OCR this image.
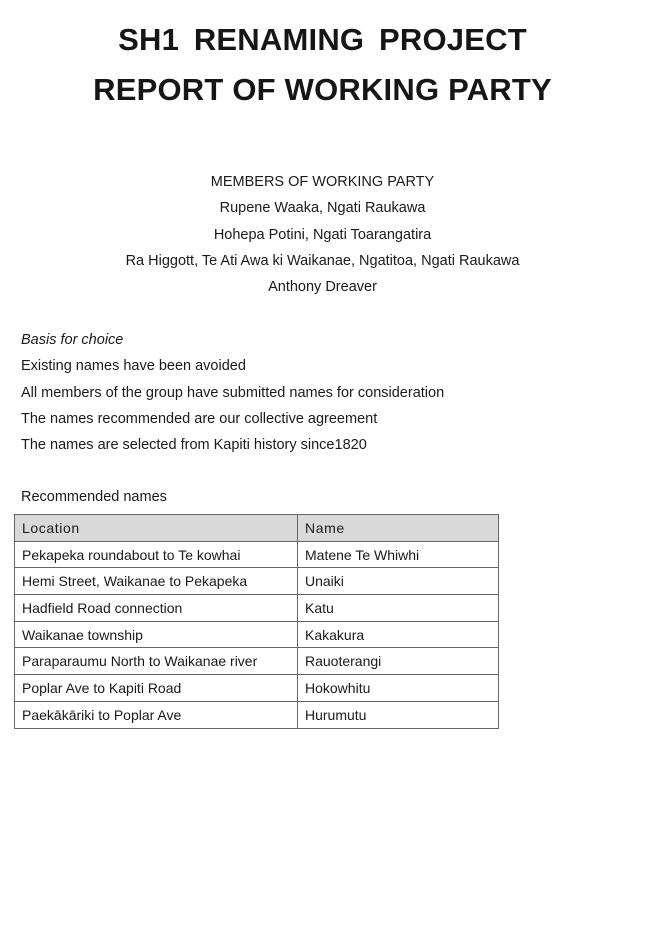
SH1 RENAMING PROJECT
REPORT OF WORKING PARTY
MEMBERS OF WORKING PARTY
Rupene Waaka, Ngati Raukawa
Hohepa Potini, Ngati Toarangatira
Ra Higgott, Te Ati Awa ki Waikanae, Ngatitoa, Ngati Raukawa
Anthony Dreaver
Basis for choice
Existing names have been avoided
All members of the group have submitted names for consideration
The names recommended are our collective agreement
The names are selected from Kapiti history since1820
Recommended names
Location	Name
Pekapeka roundabout to Te kowhai	Matene Te Whiwhi
Hemi Street, Waikanae to Pekapeka	Unaiki
Hadfield Road connection	Katu
Waikanae township	Kakakura
Paraparaumu North to Waikanae river	Rauoterangi
Poplar Ave to Kapiti Road	Hokowhitu
Paekākāriki to Poplar Ave	Hurumutu
